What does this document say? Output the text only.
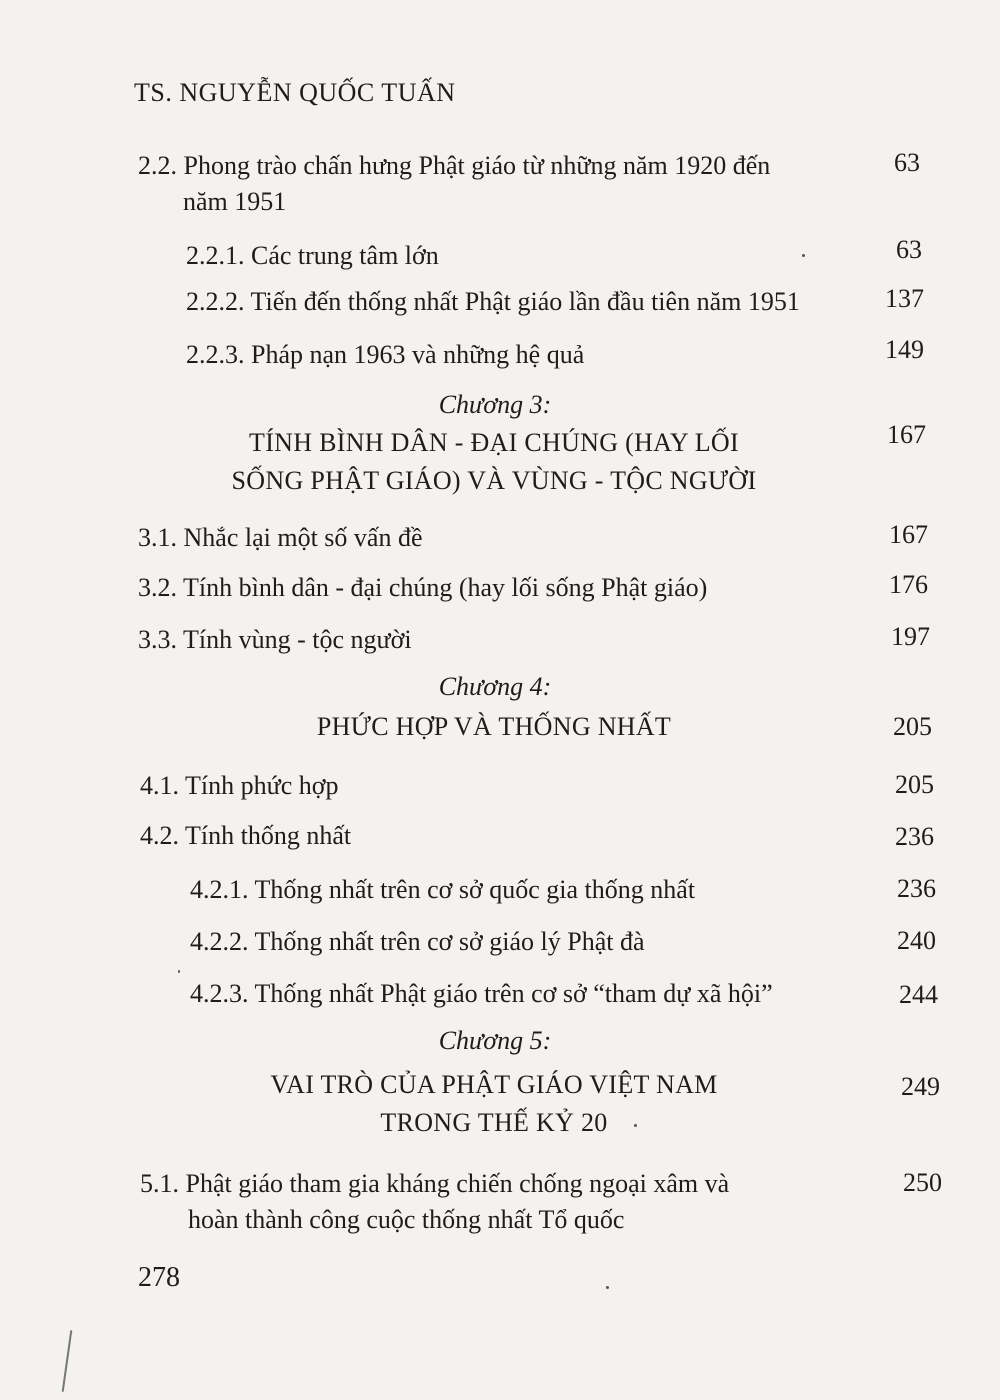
TS. NGUYỄN QUỐC TUẤN
2.2. Phong trào chấn hưng Phật giáo từ những năm 1920 đến
năm 1951
63
2.2.1. Các trung tâm lớn	63
2.2.2. Tiến đến thống nhất Phật giáo lần đầu tiên năm 1951	137
2.2.3. Pháp nạn 1963 và những hệ quả	149
Chương 3:
TÍNH BÌNH DÂN - ĐẠI CHÚNG (HAY LỐI
SỐNG PHẬT GIÁO) VÀ VÙNG - TỘC NGƯỜI
167
3.1. Nhắc lại một số vấn đề	167
3.2. Tính bình dân - đại chúng (hay lối sống Phật giáo)	176
3.3. Tính vùng - tộc người	197
Chương 4:
PHỨC HỢP VÀ THỐNG NHẤT	205
4.1. Tính phức hợp	205
4.2. Tính thống nhất	236
4.2.1. Thống nhất trên cơ sở quốc gia thống nhất	236
4.2.2. Thống nhất trên cơ sở giáo lý Phật đà	240
4.2.3. Thống nhất Phật giáo trên cơ sở “tham dự xã hội”	244
Chương 5:
VAI TRÒ CỦA PHẬT GIÁO VIỆT NAM
TRONG THẾ KỶ 20
249
5.1. Phật giáo tham gia kháng chiến chống ngoại xâm và
hoàn thành công cuộc thống nhất Tổ quốc
250
278
